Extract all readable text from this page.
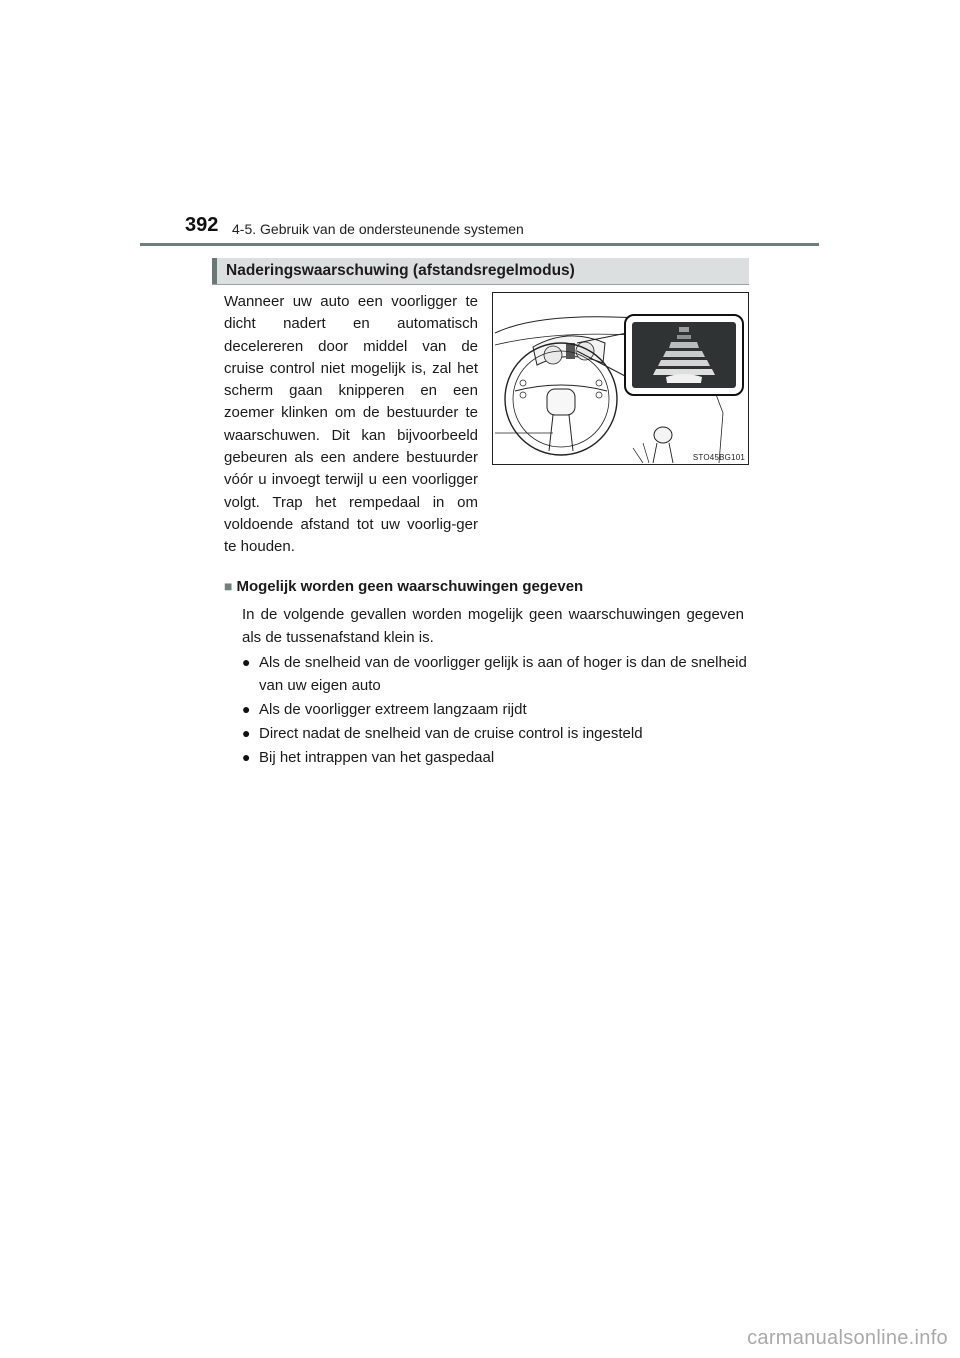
392 4-5. Gebruik van de ondersteunende systemen
Naderingswaarschuwing (afstandsregelmodus)
Wanneer uw auto een voorligger te dicht nadert en automatisch decelereren door middel van de cruise control niet mogelijk is, zal het scherm gaan knipperen en een zoemer klinken om de bestuurder te waarschuwen. Dit kan bijvoorbeeld gebeuren als een andere bestuurder vóór u invoegt terwijl u een voorligger volgt. Trap het rempedaal in om voldoende afstand tot uw voorlig-ger te houden.
STO45BG101
■ Mogelijk worden geen waarschuwingen gegeven
In de volgende gevallen worden mogelijk geen waarschuwingen gegeven als de tussenafstand klein is.
● Als de snelheid van de voorligger gelijk is aan of hoger is dan de snelheid van uw eigen auto
● Als de voorligger extreem langzaam rijdt
● Direct nadat de snelheid van de cruise control is ingesteld
● Bij het intrappen van het gaspedaal
carmanualsonline.info
